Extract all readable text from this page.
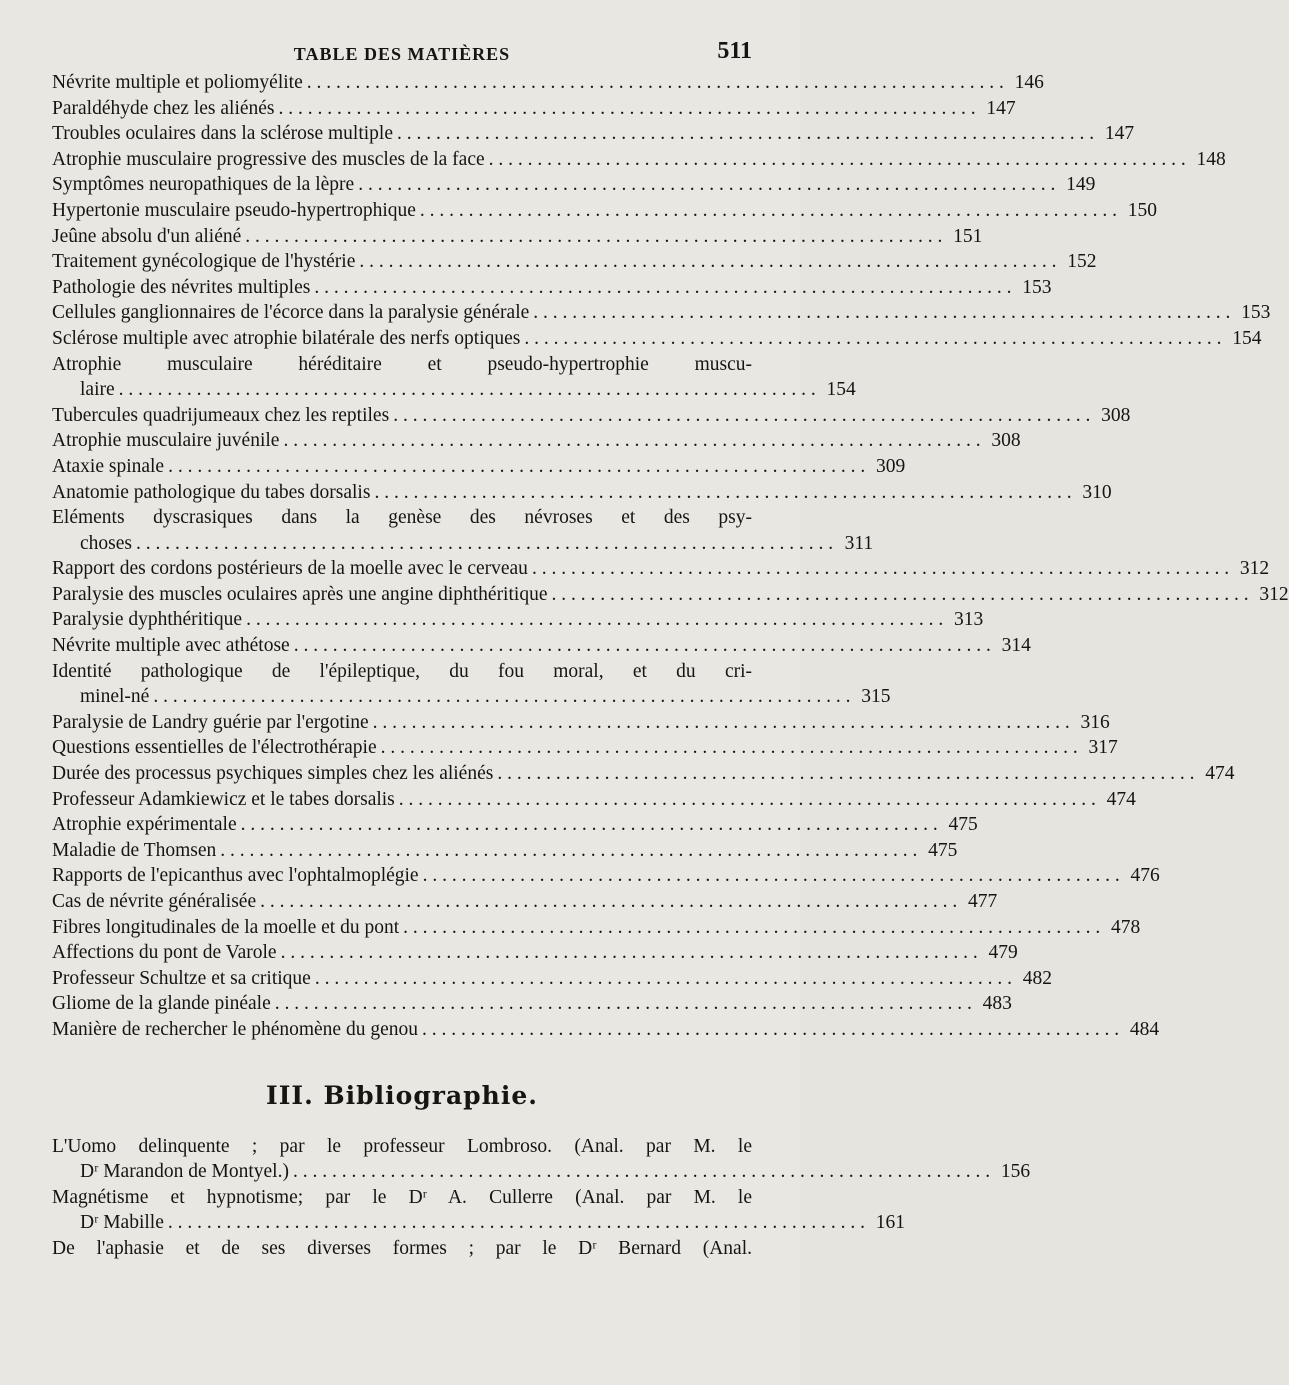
TABLE DES MATIÈRES	511
Névrite multiple et poliomyélite . . .	146
Paraldéhyde chez les aliénés . . .	147
Troubles oculaires dans la sclérose multiple . . .	147
Atrophie musculaire progressive des muscles de la face . . .	148
Symptômes neuropathiques de la lèpre . . .	149
Hypertonie musculaire pseudo-hypertrophique . . .	150
Jeûne absolu d'un aliéné . . .	151
Traitement gynécologique de l'hystérie . . .	152
Pathologie des névrites multiples . . .	153
Cellules ganglionnaires de l'écorce dans la paralysie générale . . .	153
Sclérose multiple avec atrophie bilatérale des nerfs optiques . . .	154
Atrophie musculaire héréditaire et pseudo-hypertrophie muscu-
laire . . .	154
Tubercules quadrijumeaux chez les reptiles . . .	308
Atrophie musculaire juvénile . . .	308
Ataxie spinale . . .	309
Anatomie pathologique du tabes dorsalis . . .	310
Eléments dyscrasiques dans la genèse des névroses et des psy-
choses . . .	311
Rapport des cordons postérieurs de la moelle avec le cerveau . . .	312
Paralysie des muscles oculaires après une angine diphthéritique . . .	312
Paralysie dyphthéritique . . .	313
Névrite multiple avec athétose . . .	314
Identité pathologique de l'épileptique, du fou moral, et du cri-
minel-né . . .	315
Paralysie de Landry guérie par l'ergotine . . .	316
Questions essentielles de l'électrothérapie . . .	317
Durée des processus psychiques simples chez les aliénés . . .	474
Professeur Adamkiewicz et le tabes dorsalis . . .	474
Atrophie expérimentale . . .	475
Maladie de Thomsen . . .	475
Rapports de l'epicanthus avec l'ophtalmoplégie . . .	476
Cas de névrite généralisée . . .	477
Fibres longitudinales de la moelle et du pont . . .	478
Affections du pont de Varole . . .	479
Professeur Schultze et sa critique . . .	482
Gliome de la glande pinéale . . .	483
Manière de rechercher le phénomène du genou . . .	484
III. Bibliographie.
L'Uomo delinquente ; par le professeur Lombroso. (Anal. par M. le
Dʳ Marandon de Montyel.) . . .	156
Magnétisme et hypnotisme; par le Dʳ A. Cullerre (Anal. par M. le
Dʳ Mabille . . .	161
De l'aphasie et de ses diverses formes ; par le Dʳ Bernard (Anal.
